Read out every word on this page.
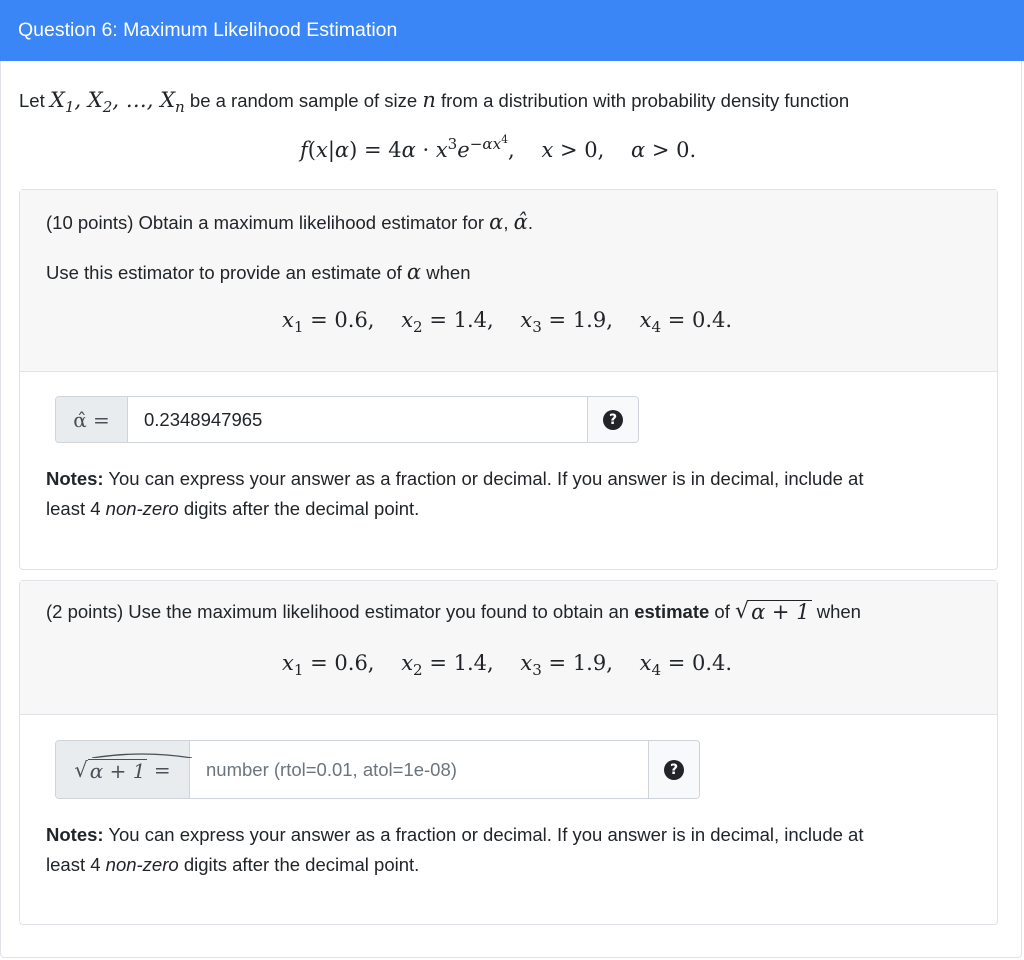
Question 6: Maximum Likelihood Estimation
Let $X_1$, $X_2$, …, $X_n$ be a random sample of size n from a distribution with probability density function
$f(x|\alpha) = 4\alpha \cdot x^3e^{-\alpha x^4}$,    x > 0,    α > 0.
(10 points) Obtain a maximum likelihood estimator for α, α̂.
Use this estimator to provide an estimate of α when
$x_1 = 0.6$,    $x_2 = 1.4$,    $x_3 = 1.9$,    $x_4 = 0.4$.
α̂ =
0.2348947965	?
Notes: You can express your answer as a fraction or decimal. If you answer is in decimal, include at
least 4 non-zero digits after the decimal point.
(2 points) Use the maximum likelihood estimator you found to obtain an estimate of √ α + 1 when
$x_1 = 0.6$,    $x_2 = 1.4$,    $x_3 = 1.9$,    $x_4 = 0.4$.
√ α + 1
=
number (rtol=0.01, atol=1e-08)	?
Notes: You can express your answer as a fraction or decimal. If you answer is in decimal, include at
least 4 non-zero digits after the decimal point.
